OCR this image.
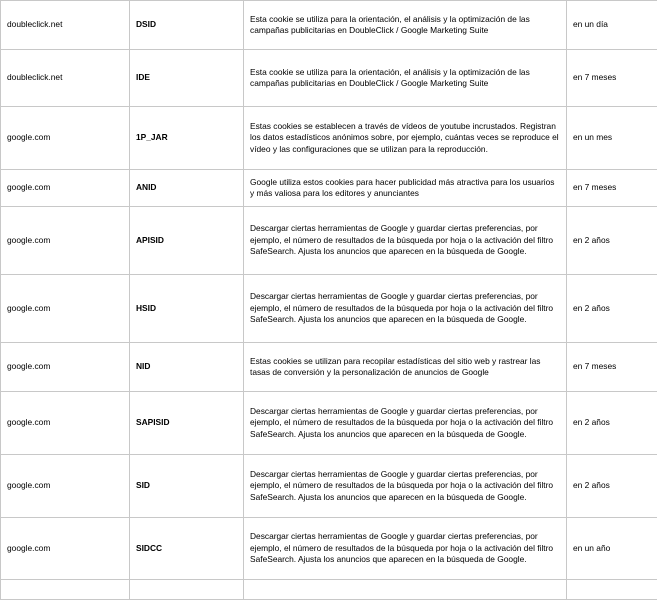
doubleclick.net	DSID	Esta cookie se utiliza para la orientación, el análisis y la optimización de las campañas publicitarias en DoubleClick / Google Marketing Suite	en un día
doubleclick.net	IDE	Esta cookie se utiliza para la orientación, el análisis y la optimización de las campañas publicitarias en DoubleClick / Google Marketing Suite	en 7 meses
google.com	1P_JAR	Estas cookies se establecen a través de vídeos de youtube incrustados. Registran los datos estadísticos anónimos sobre, por ejemplo, cuántas veces se reproduce el vídeo y las configuraciones que se utilizan para la reproducción.	en un mes
google.com	ANID	Google utiliza estos cookies para hacer publicidad más atractiva para los usuarios y más valiosa para los editores y anunciantes	en 7 meses
google.com	APISID	Descargar ciertas herramientas de Google y guardar ciertas preferencias, por ejemplo, el número de resultados de la búsqueda por hoja o la activación del filtro SafeSearch. Ajusta los anuncios que aparecen en la búsqueda de Google.	en 2 años
google.com	HSID	Descargar ciertas herramientas de Google y guardar ciertas preferencias, por ejemplo, el número de resultados de la búsqueda por hoja o la activación del filtro SafeSearch. Ajusta los anuncios que aparecen en la búsqueda de Google.	en 2 años
google.com	NID	Estas cookies se utilizan para recopilar estadísticas del sitio web y rastrear las tasas de conversión y la personalización de anuncios de Google	en 7 meses
google.com	SAPISID	Descargar ciertas herramientas de Google y guardar ciertas preferencias, por ejemplo, el número de resultados de la búsqueda por hoja o la activación del filtro SafeSearch. Ajusta los anuncios que aparecen en la búsqueda de Google.	en 2 años
google.com	SID	Descargar ciertas herramientas de Google y guardar ciertas preferencias, por ejemplo, el número de resultados de la búsqueda por hoja o la activación del filtro SafeSearch. Ajusta los anuncios que aparecen en la búsqueda de Google.	en 2 años
google.com	SIDCC	Descargar ciertas herramientas de Google y guardar ciertas preferencias, por ejemplo, el número de resultados de la búsqueda por hoja o la activación del filtro SafeSearch. Ajusta los anuncios que aparecen en la búsqueda de Google.	en un año
